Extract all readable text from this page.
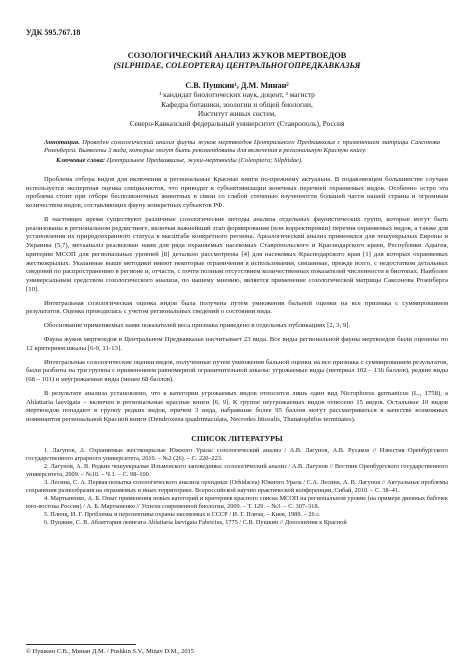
УДК 595.767.18
СОЗОЛОГИЧЕСКИЙ АНАЛИЗ ЖУКОВ МЕРТВОЕДОВ
(SILPHIDAE, COLEOPTERA) ЦЕНТРАЛЬНОГОПРЕДКАВКАЗЬЯ
С.В. Пушкин¹, Д.М. Минан²
¹ кандидат биологических наук, доцент, ² магистр
Кафедра ботаники, зоологии и общей биологии,
Институт живых систем,
Северо-Кавказский федеральный университет (Ставрополь), Россия
Аннотация. Проведен созологический анализ фауны жуков мертвоедов Центрального Предкавказья с применением матрицы Сахсонова Розенберга. Выявлены 3 вида, которые могут быть рекомендованы для включения в региональную Красную книгу.
Ключевые слова: Центральное Предкавказье, жуки-мертвоеды (Coleoptera; Silphidae).

Проблема отбора видов для включения в региональные Красные книги по-прежнему актуальна. В подавляющем большинстве случаев используется экспертная оценка специалистов, что приводит к субъективизации конечных перечней охраняемых видов. Особенно остро эта проблема стоит при отборе беспозвоночных животных в связи со слабой степенью изученности большей части нашей страны и огромным количеством видов, составляющих фауну конкретных субъектов РФ.

В настоящее время существуют различные созологические методы анализа отдельных фаунистических групп, которые могут быть реализованы в региональном редлистинге, включая важнейший этап формирования (или корректировки) перечня охраняемых видов, а также для установления их природоохранного статуса в масштабе конкретного региона. Ареалогический анализ применялся для чешуекрылых Европы и Украины (5,7), метааналіз реализован нами для ряда охраняемых насекомых Ставропольского и Краснодарского краев, Республики Адыгея, критерии МСОП для региональных уровней [8] детально рассмотрены [4] для насекомых Краснодарского края [1] для которых охраняемых жесткокрылых. Указанные выше методики имеют некоторые ограничения в использовании, связанные, прежде всего, с недостатком детальных сведений по распространению в регионе и, отчасти, с почти полным отсутствием количественных показателей численности в биотопах. Наиболее универсальным средством созологического анализа, по нашему мнению, является применение созологической матрицы Саксонова Розенберга [10].

Интегральная созологическая оценка видов была получена путем умножения бальной оценки на все признака с суммированием результатов. Оценка проводилась с учетом региональных сведений о состоянии вида.

Обоснование применяемых нами показателей веса признака приведено в отдельных публикациях [2, 3, 9].

Фауна жуков мертвоедов в Центральном Предкавказье насчитывает 23 вида. Все виды региональной фауны мертвоедов были оценены по 12 критериям шкалы [6-9, 11-13].

Интегральные созологические оценки видов, полученные путем умножения бальной оценки на все признака с суммированием результатов, были разбиты на три группы с применением равномерной ограничительной шкалы: угрожаемые виды (интервал 102 – 136 баллов), редкие виды (68 – 101) и неугрожаемые виды (менее 68 баллов).

В результате анализа установлено, что к категории угрожаемых видов относится лишь один вид Nicrophorus germanicus (L., 1758), а Ablattaria laevigata – включен в региональные красные книги [6, 9]. К группе неугрожаемых видов отнесено 15 видов. Остальные 10 видов мертвоедов попадают в группу редких видов, причем 3 вида, набравшие более 95 баллов могут рассматриваться в качестве возможных номинантов региональной Красной книги (Dendroxena quadrimaculata, Necrodes littoralis, Thanatophilus terminates).

СПИСОК ЛИТЕРАТУРЫ

1. Лагунов, А. Охраняемые жесткокрылые Южного Урала: созологический анализ / А.В. Лагунов, А.В. Русаков // Известия Оренбургского государственного аграрного университета, 2010. – №2 (26). – С. 220–223.

2. Лагунов, А. В. Редкие чешуекрылые Ильменского заповедника: созологический анализ / А.В. Лагунов // Вестник Оренбургского государственного университета, 2009. – №10. – Ч.1. – С. 98–100.

3. Лесина, С. А. Первая попытка созологического анализа орхидных (Orhidacea) Южного Урала / С.А. Лесина, А. В. Лагунов // Актуальные проблемы сохранения разнообразия на охраняемых и иных территориях. Всероссийской научно практической конференции, Сибай, 2010. – С. 38–41.

4. Мартыненко, А. Б. Опыт применения новых категорий и критериев красного списка МСОП на региональном уровне (на примере дневных бабочек юго-востока России) / А. Б. Мартыненко // Успехи современной биологии, 2009. – Т. 129. – №3. – С. 307–318.

5. Плющ, И. Г. Проблемы и перспективы охраны насекомых в СССР / И. Г. Плющ. – Киев, 1989. – 26 с.

6. Пушкин, С. В. Аблаттария левигата Ablattaria laevigata Fabricius, 1775 / С.В. Пушкин // Дополнения к Красной

© Пушкин С.В., Минан Д.М. / Pushkin S.V., Minav D.M., 2015
